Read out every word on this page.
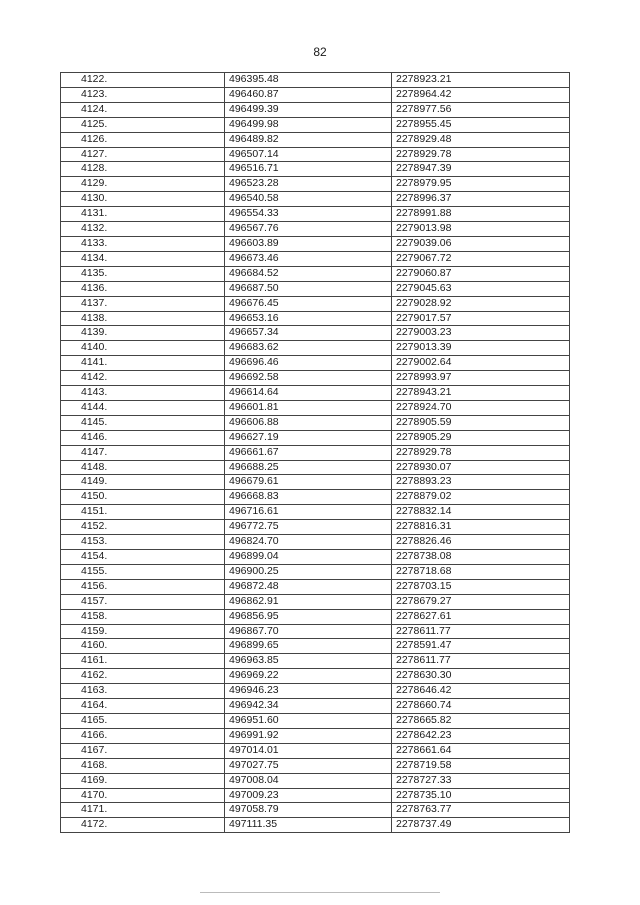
82
4122.	496395.48	2278923.21
4123.	496460.87	2278964.42
4124.	496499.39	2278977.56
4125.	496499.98	2278955.45
4126.	496489.82	2278929.48
4127.	496507.14	2278929.78
4128.	496516.71	2278947.39
4129.	496523.28	2278979.95
4130.	496540.58	2278996.37
4131.	496554.33	2278991.88
4132.	496567.76	2279013.98
4133.	496603.89	2279039.06
4134.	496673.46	2279067.72
4135.	496684.52	2279060.87
4136.	496687.50	2279045.63
4137.	496676.45	2279028.92
4138.	496653.16	2279017.57
4139.	496657.34	2279003.23
4140.	496683.62	2279013.39
4141.	496696.46	2279002.64
4142.	496692.58	2278993.97
4143.	496614.64	2278943.21
4144.	496601.81	2278924.70
4145.	496606.88	2278905.59
4146.	496627.19	2278905.29
4147.	496661.67	2278929.78
4148.	496688.25	2278930.07
4149.	496679.61	2278893.23
4150.	496668.83	2278879.02
4151.	496716.61	2278832.14
4152.	496772.75	2278816.31
4153.	496824.70	2278826.46
4154.	496899.04	2278738.08
4155.	496900.25	2278718.68
4156.	496872.48	2278703.15
4157.	496862.91	2278679.27
4158.	496856.95	2278627.61
4159.	496867.70	2278611.77
4160.	496899.65	2278591.47
4161.	496963.85	2278611.77
4162.	496969.22	2278630.30
4163.	496946.23	2278646.42
4164.	496942.34	2278660.74
4165.	496951.60	2278665.82
4166.	496991.92	2278642.23
4167.	497014.01	2278661.64
4168.	497027.75	2278719.58
4169.	497008.04	2278727.33
4170.	497009.23	2278735.10
4171.	497058.79	2278763.77
4172.	497111.35	2278737.49
